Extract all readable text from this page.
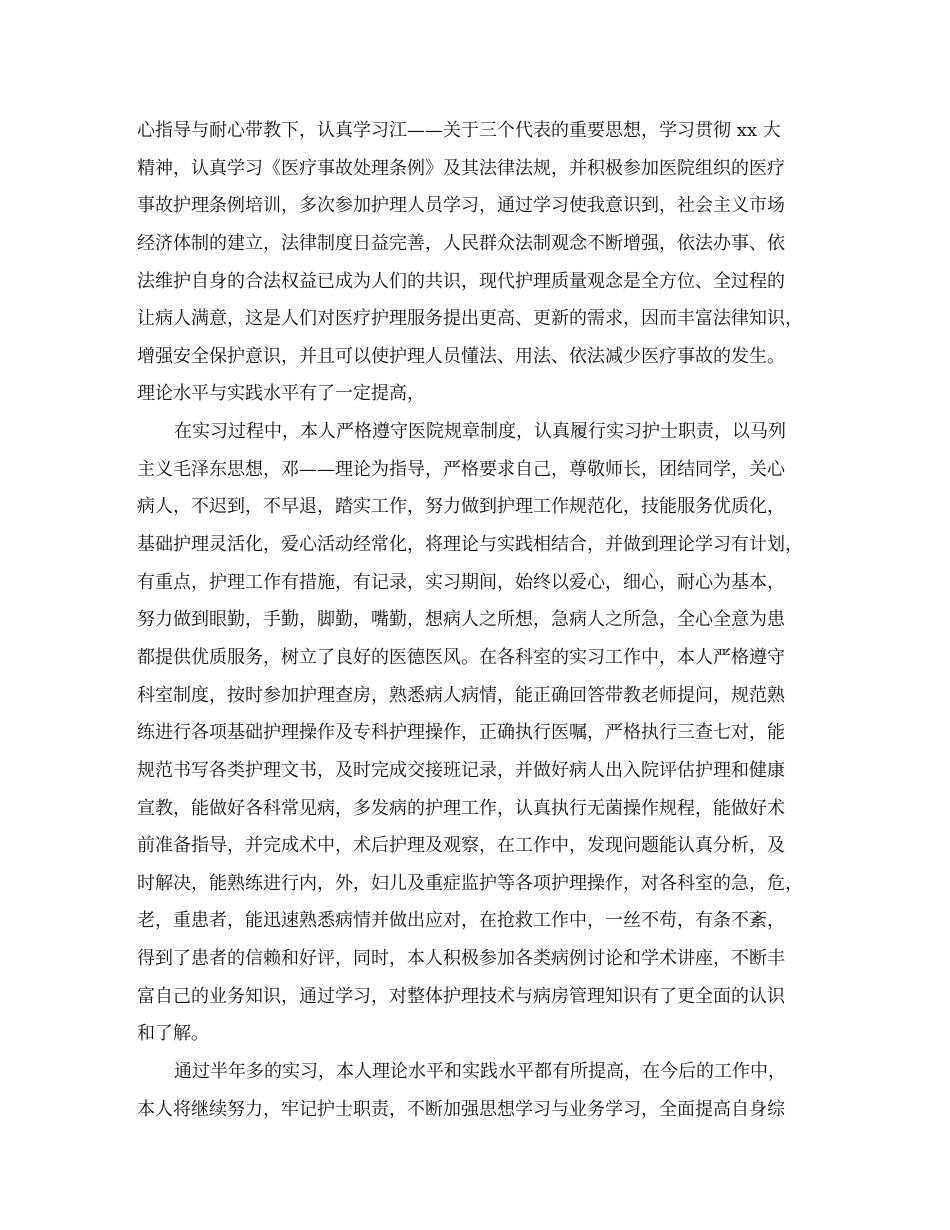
心指导与耐心带教下，认真学习江——关于三个代表的重要思想，学习贯彻 xx 大
精神，认真学习《医疗事故处理条例》及其法律法规，并积极参加医院组织的医疗
事故护理条例培训，多次参加护理人员学习，通过学习使我意识到，社会主义市场
经济体制的建立，法律制度日益完善，人民群众法制观念不断增强，依法办事、依
法维护自身的合法权益已成为人们的共识，现代护理质量观念是全方位、全过程的
让病人满意，这是人们对医疗护理服务提出更高、更新的需求，因而丰富法律知识，
增强安全保护意识，并且可以使护理人员懂法、用法、依法减少医疗事故的发生。
理论水平与实践水平有了一定提高，
在实习过程中，本人严格遵守医院规章制度，认真履行实习护士职责，以马列
主义毛泽东思想，邓——理论为指导，严格要求自己，尊敬师长，团结同学，关心
病人，不迟到，不早退，踏实工作，努力做到护理工作规范化，技能服务优质化，
基础护理灵活化，爱心活动经常化，将理论与实践相结合，并做到理论学习有计划，
有重点，护理工作有措施，有记录，实习期间，始终以爱心，细心，耐心为基本，
努力做到眼勤，手勤，脚勤，嘴勤，想病人之所想，急病人之所急，全心全意为患
都提供优质服务，树立了良好的医德医风。在各科室的实习工作中，本人严格遵守
科室制度，按时参加护理查房，熟悉病人病情，能正确回答带教老师提问，规范熟
练进行各项基础护理操作及专科护理操作，正确执行医嘱，严格执行三查七对，能
规范书写各类护理文书，及时完成交接班记录，并做好病人出入院评估护理和健康
宣教，能做好各科常见病，多发病的护理工作，认真执行无菌操作规程，能做好术
前准备指导，并完成术中，术后护理及观察，在工作中，发现问题能认真分析，及
时解决，能熟练进行内，外，妇儿及重症监护等各项护理操作，对各科室的急，危，
老，重患者，能迅速熟悉病情并做出应对，在抢救工作中，一丝不苟，有条不紊，
得到了患者的信赖和好评，同时，本人积极参加各类病例讨论和学术讲座，不断丰
富自己的业务知识，通过学习，对整体护理技术与病房管理知识有了更全面的认识
和了解。
通过半年多的实习，本人理论水平和实践水平都有所提高，在今后的工作中，
本人将继续努力，牢记护士职责，不断加强思想学习与业务学习，全面提高自身综
